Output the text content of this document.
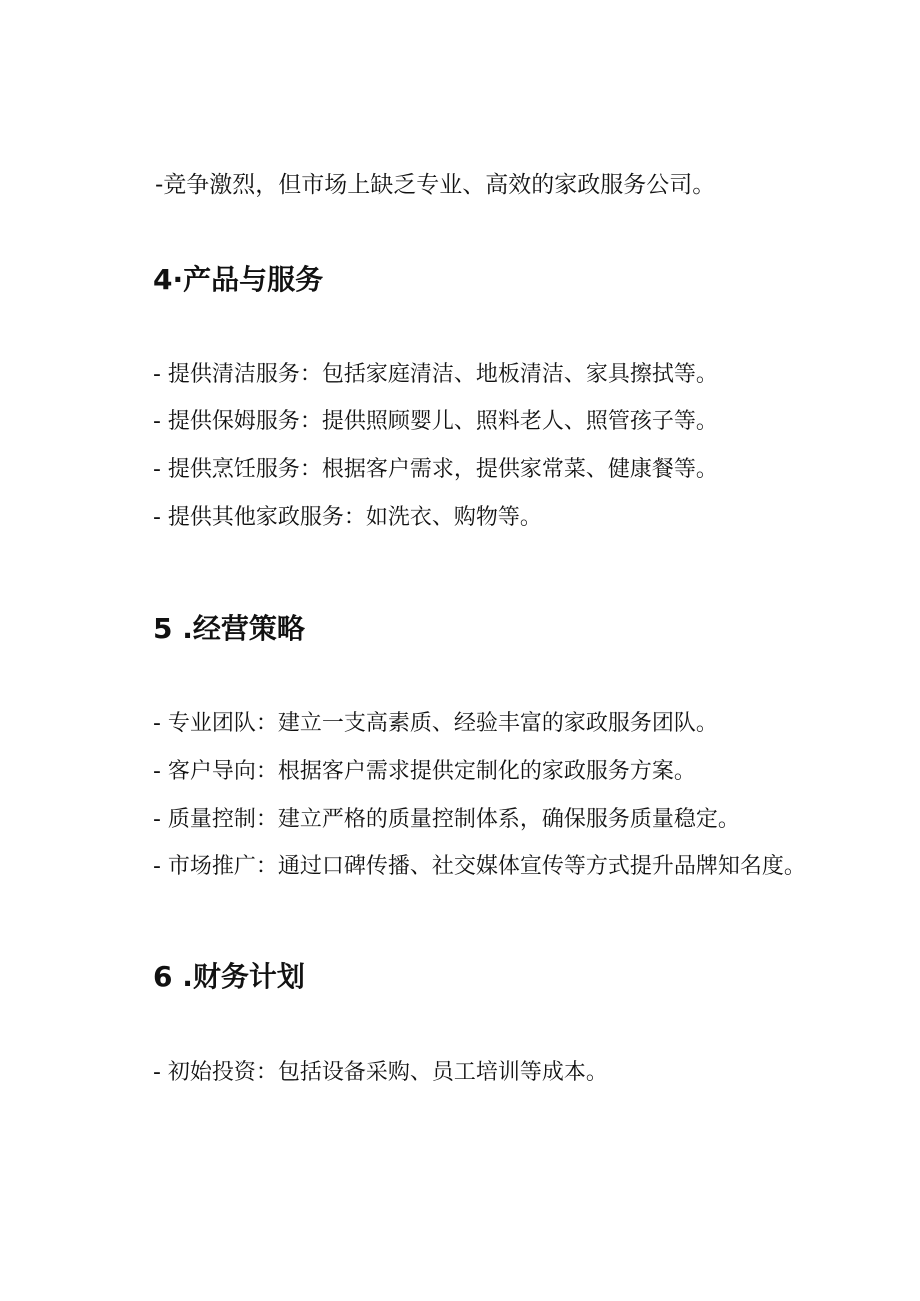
-竞争激烈，但市场上缺乏专业、高效的家政服务公司。
4·产品与服务
- 提供清洁服务：包括家庭清洁、地板清洁、家具擦拭等。
- 提供保姆服务：提供照顾婴儿、照料老人、照管孩子等。
- 提供烹饪服务：根据客户需求，提供家常菜、健康餐等。
- 提供其他家政服务：如洗衣、购物等。
5 .经营策略
- 专业团队：建立一支高素质、经验丰富的家政服务团队。
- 客户导向：根据客户需求提供定制化的家政服务方案。
- 质量控制：建立严格的质量控制体系，确保服务质量稳定。
- 市场推广：通过口碑传播、社交媒体宣传等方式提升品牌知名度。
6 .财务计划
- 初始投资：包括设备采购、员工培训等成本。
